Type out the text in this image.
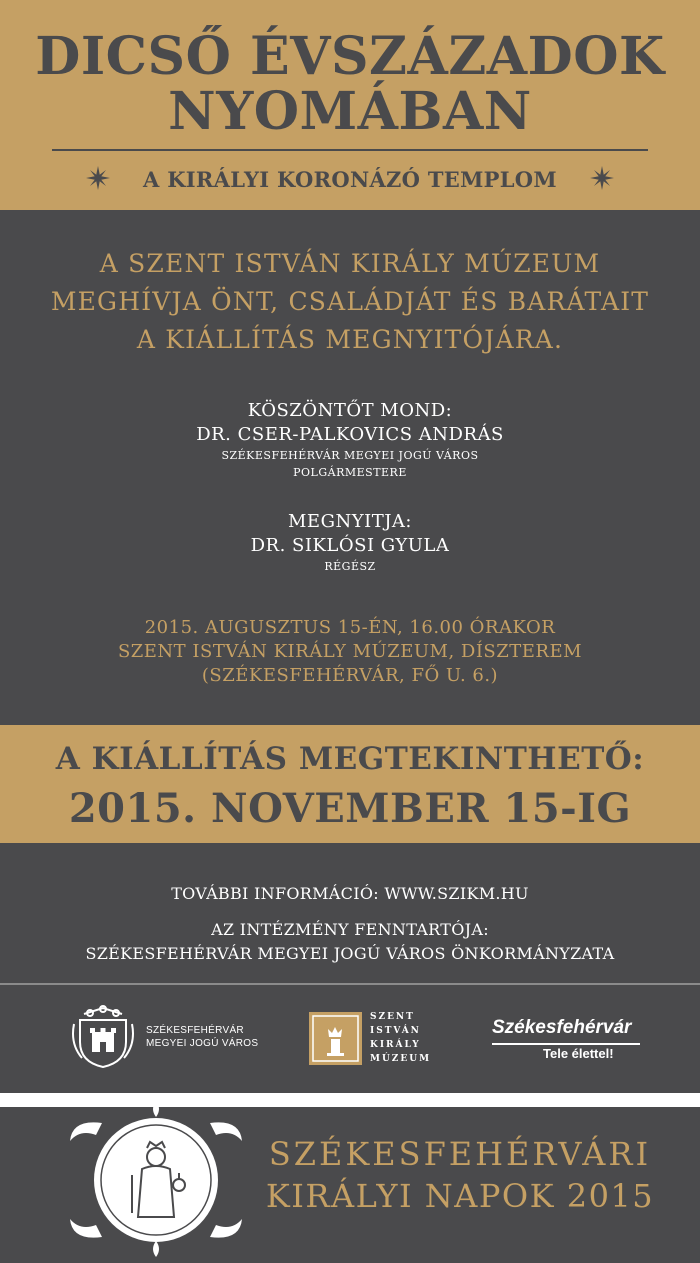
DICSŐ ÉVSZÁZADOK
NYOMÁBAN
A KIRÁLYI KORONÁZÓ TEMPLOM
A SZENT ISTVÁN KIRÁLY MÚZEUM
MEGHÍVJA ÖNT, CSALÁDJÁT ÉS BARÁTAIT
A KIÁLLÍTÁS MEGNYITÓJÁRA.
KÖSZÖNTŐT MOND:
DR. CSER-PALKOVICS ANDRÁS
SZÉKESFEHÉRVÁR MEGYEI JOGÚ VÁROS
POLGÁRMESTERE
MEGNYITJA:
DR. SIKLÓSI GYULA
RÉGÉSZ
2015. AUGUSZTUS 15-ÉN, 16.00 ÓRAKOR
SZENT ISTVÁN KIRÁLY MÚZEUM, DÍSZTEREM
(SZÉKESFEHÉRVÁR, FŐ U. 6.)
A KIÁLLÍTÁS MEGTEKINTHETŐ:
2015. NOVEMBER 15-IG
TOVÁBBI INFORMÁCIÓ: WWW.SZIKM.HU
AZ INTÉZMÉNY FENNTARTÓJA:
SZÉKESFEHÉRVÁR MEGYEI JOGÚ VÁROS ÖNKORMÁNYZATA
SZÉKESFEHÉRVÁR
MEGYEI JOGÚ VÁROS
SZENT
ISTVÁN
KIRÁLY
MÚZEUM
Székesfehérvár
Tele élettel!
SZÉKESFEHÉRVÁRI
KIRÁLYI NAPOK 2015
